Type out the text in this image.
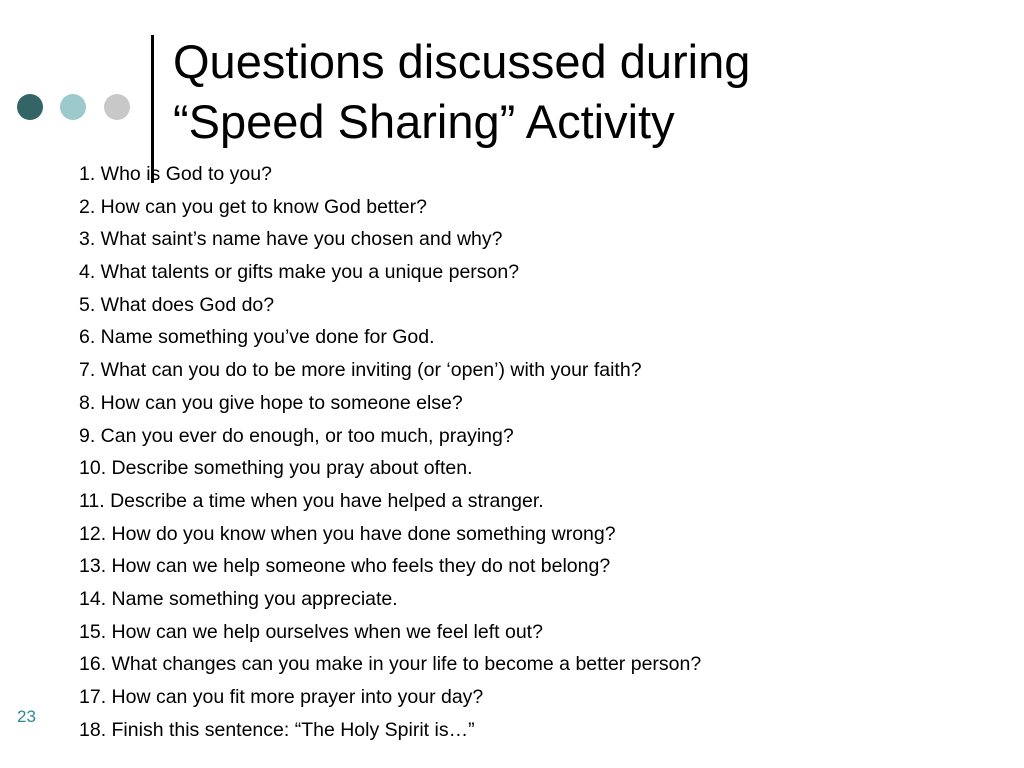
Questions discussed during
“Speed Sharing” Activity
1. Who is God to you?
2. How can you get to know God better?
3. What saint’s name have you chosen and why?
4. What talents or gifts make you a unique person?
5. What does God do?
6. Name something you’ve done for God.
7. What can you do to be more inviting (or ‘open’) with your faith?
8. How can you give hope to someone else?
9. Can you ever do enough, or too much, praying?
10. Describe something you pray about often.
11. Describe a time when you have helped a stranger.
12. How do you know when you have done something wrong?
13. How can we help someone who feels they do not belong?
14. Name something you appreciate.
15. How can we help ourselves when we feel left out?
16. What changes can you make in your life to become a better person?
17. How can you fit more prayer into your day?
18. Finish this sentence: “The Holy Spirit is…”
23
